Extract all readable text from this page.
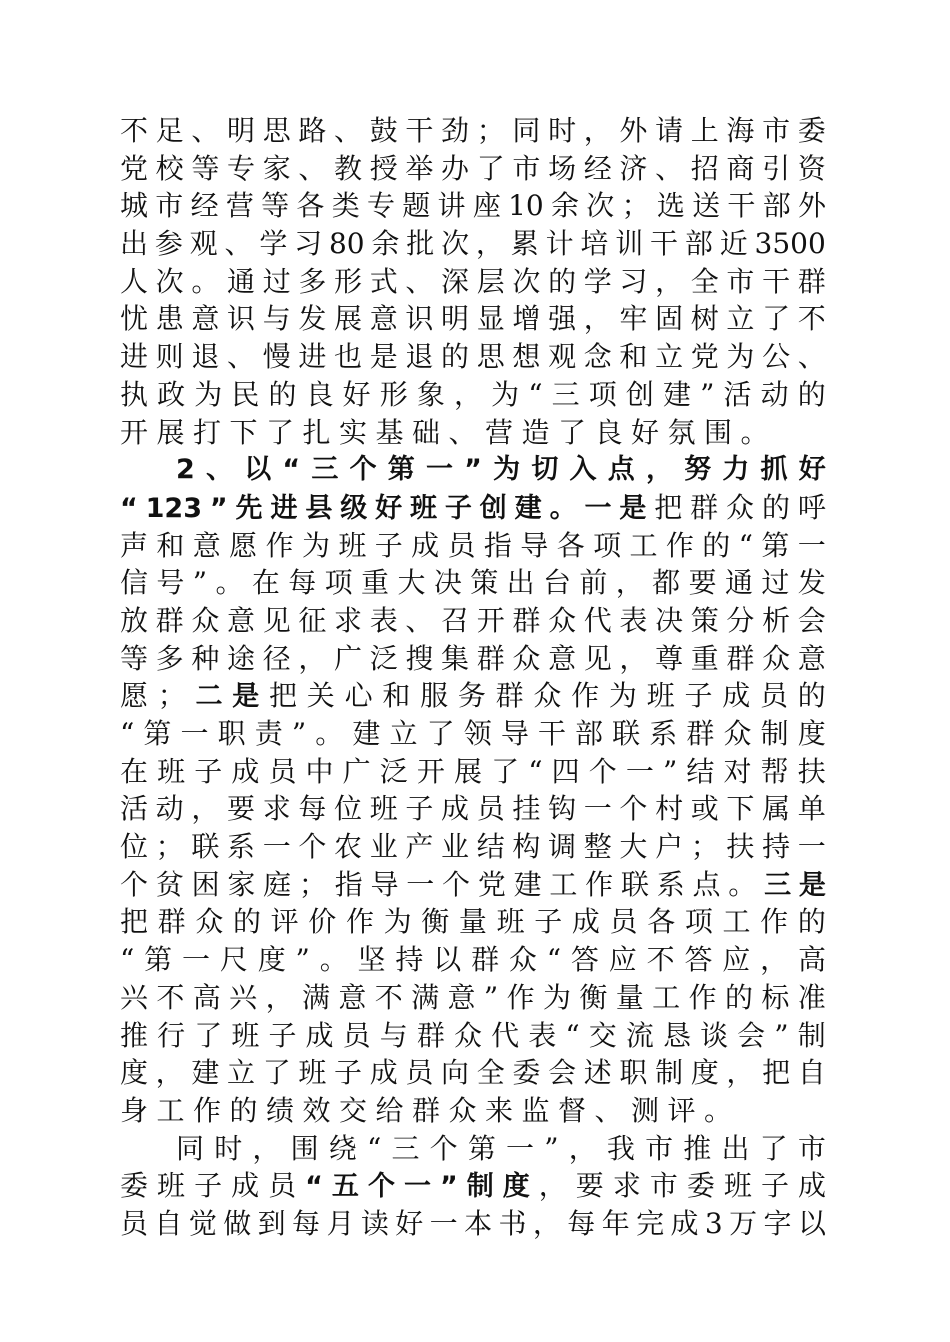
不 足 、 明 思 路 、 鼓 干 劲 ； 同 时 ， 外 请 上 海 市 委
党 校 等 专 家 、 教 授 举 办 了 市 场 经 济 、 招 商 引 资
城 市 经 营 等 各 类 专 题 讲 座 10 余 次 ； 选 送 干 部 外
出 参 观 、 学 习 80 余 批 次 ， 累 计 培 训 干 部 近 3500
人 次 。 通 过 多 形 式 、 深 层 次 的 学 习 ， 全 市 干 群
忧 患 意 识 与 发 展 意 识 明 显 增 强 ， 牢 固 树 立 了 不
进 则 退 、 慢 进 也 是 退 的 思 想 观 念 和 立 党 为 公 、
执 政 为 民 的 良 好 形 象 ， 为 “ 三 项 创 建 ” 活 动 的
开展打下了扎实基础、营造了良好氛围。
2 、 以 “ 三 个 第 一 ” 为 切 入 点 ， 努 力 抓 好
“ 123 ” 先 进 县 级 好 班 子 创 建 。 一 是 把 群 众 的 呼
声 和 意 愿 作 为 班 子 成 员 指 导 各 项 工 作 的 “ 第 一
信 号 ” 。 在 每 项 重 大 决 策 出 台 前 ， 都 要 通 过 发
放 群 众 意 见 征 求 表 、 召 开 群 众 代 表 决 策 分 析 会
等 多 种 途 径 ， 广 泛 搜 集 群 众 意 见 ， 尊 重 群 众 意
愿 ； 二 是 把 关 心 和 服 务 群 众 作 为 班 子 成 员 的
“ 第 一 职 责 ” 。 建 立 了 领 导 干 部 联 系 群 众 制 度
在 班 子 成 员 中 广 泛 开 展 了 “ 四 个 一 ” 结 对 帮 扶
活 动 ， 要 求 每 位 班 子 成 员 挂 钩 一 个 村 或 下 属 单
位 ； 联 系 一 个 农 业 产 业 结 构 调 整 大 户 ； 扶 持 一
个 贫 困 家 庭 ； 指 导 一 个 党 建 工 作 联 系 点 。 三 是
把 群 众 的 评 价 作 为 衡 量 班 子 成 员 各 项 工 作 的
“ 第 一 尺 度 ” 。 坚 持 以 群 众 “ 答 应 不 答 应 ， 高
兴 不 高 兴 ， 满 意 不 满 意 ” 作 为 衡 量 工 作 的 标 准
推 行 了 班 子 成 员 与 群 众 代 表 “ 交 流 恳 谈 会 ” 制
度 ， 建 立 了 班 子 成 员 向 全 委 会 述 职 制 度 ， 把 自
身工作的绩效交给群众来监督、测评。
同 时 ， 围 绕 “ 三 个 第 一 ” ， 我 市 推 出 了 市
委 班 子 成 员 “ 五 个 一 ” 制 度 ， 要 求 市 委 班 子 成
员 自 觉 做 到 每 月 读 好 一 本 书 ， 每 年 完 成 3 万 字 以
